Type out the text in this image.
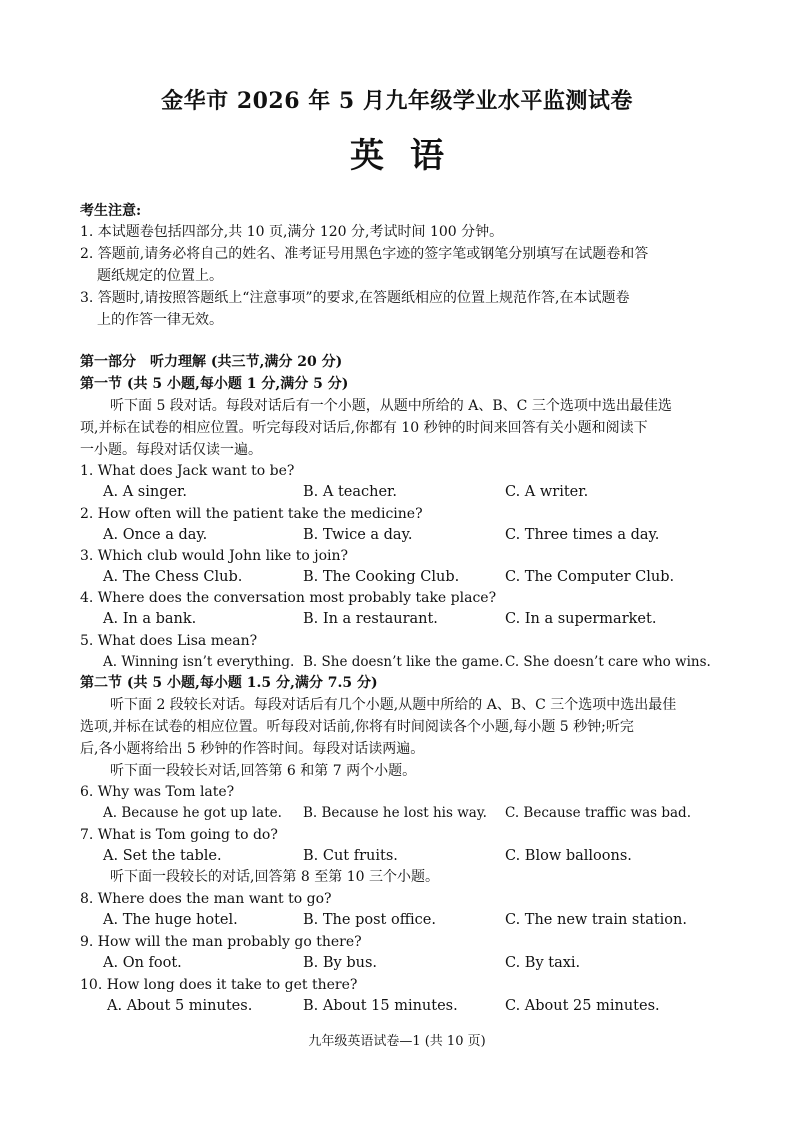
金华市 2026 年 5 月九年级学业水平监测试卷
英语
考生注意:
1. 本试题卷包括四部分,共 10 页,满分 120 分,考试时间 100 分钟。
2. 答题前,请务必将自己的姓名、准考证号用黑色字迹的签字笔或钢笔分别填写在试题卷和答
题纸规定的位置上。
3. 答题时,请按照答题纸上“注意事项”的要求,在答题纸相应的位置上规范作答,在本试题卷
上的作答一律无效。
第一部分　听力理解 (共三节,满分 20 分)
第一节 (共 5 小题,每小题 1 分,满分 5 分)
听下面 5 段对话。每段对话后有一个小题，从题中所给的 A、B、C 三个选项中选出最佳选
项,并标在试卷的相应位置。听完每段对话后,你都有 10 秒钟的时间来回答有关小题和阅读下
一小题。每段对话仅读一遍。
1. What does Jack want to be?
A. A singer.	B. A teacher.	C. A writer.
2. How often will the patient take the medicine?
A. Once a day.	B. Twice a day.	C. Three times a day.
3. Which club would John like to join?
A. The Chess Club.	B. The Cooking Club.	C. The Computer Club.
4. Where does the conversation most probably take place?
A. In a bank.	B. In a restaurant.	C. In a supermarket.
5. What does Lisa mean?
A. Winning isn’t everything. B. She doesn’t like the game. C. She doesn’t care who wins.
第二节 (共 5 小题,每小题 1.5 分,满分 7.5 分)
听下面 2 段较长对话。每段对话后有几个小题,从题中所给的 A、B、C 三个选项中选出最佳
选项,并标在试卷的相应位置。听每段对话前,你将有时间阅读各个小题,每小题 5 秒钟;听完
后,各小题将给出 5 秒钟的作答时间。每段对话读两遍。
听下面一段较长对话,回答第 6 和第 7 两个小题。
6. Why was Tom late?
A. Because he got up late. B. Because he lost his way. C. Because traffic was bad.
7. What is Tom going to do?
A. Set the table.	B. Cut fruits.	C. Blow balloons.
听下面一段较长的对话,回答第 8 至第 10 三个小题。
8. Where does the man want to go?
A. The huge hotel.	B. The post office.	C. The new train station.
9. How will the man probably go there?
A. On foot.	B. By bus.	C. By taxi.
10. How long does it take to get there?
A. About 5 minutes.	B. About 15 minutes.	C. About 25 minutes.
九年级英语试卷—1 (共 10 页)
